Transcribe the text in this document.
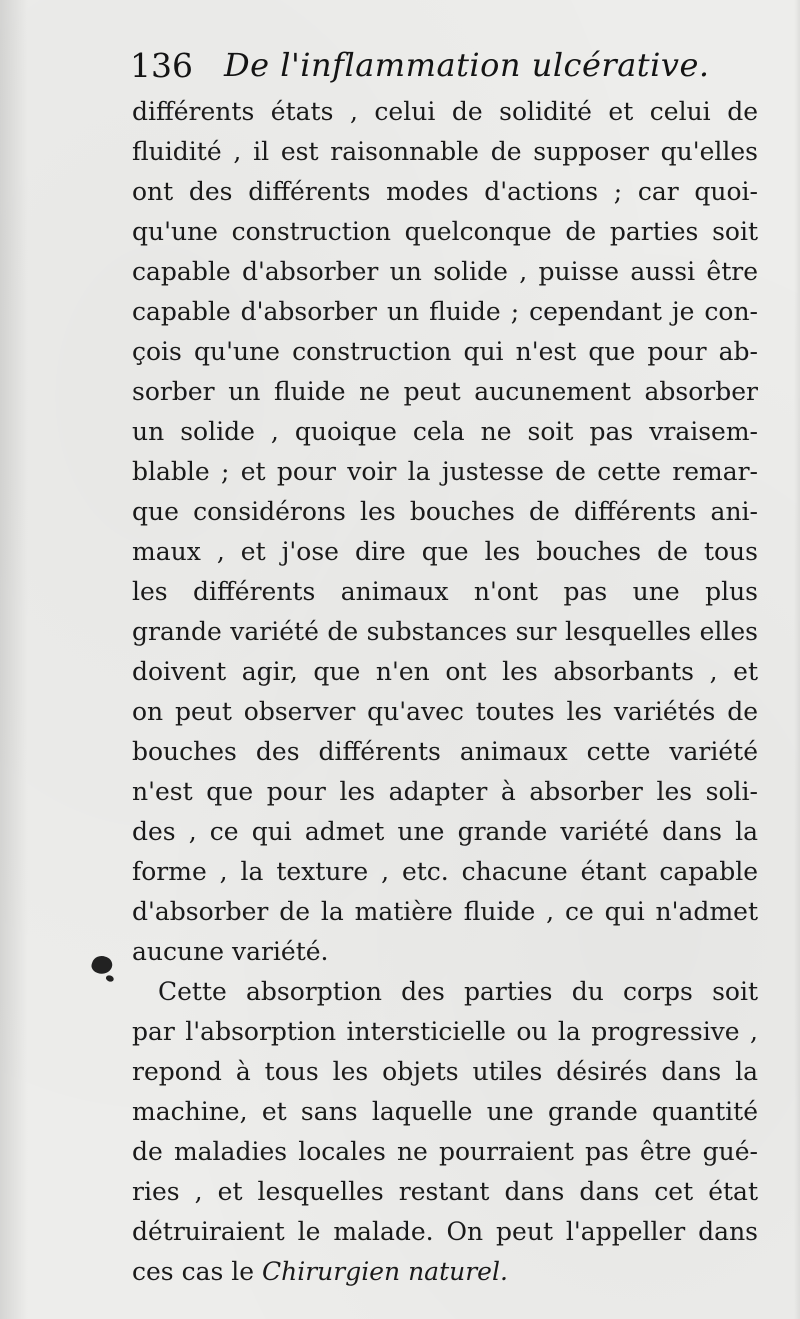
136 De l'inflammation ulcérative.
différents états , celui de solidité et celui de
fluidité , il est raisonnable de supposer qu'elles
ont des différents modes d'actions ; car quoi-
qu'une construction quelconque de parties soit
capable d'absorber un solide , puisse aussi être
capable d'absorber un fluide ; cependant je con-
çois qu'une construction qui n'est que pour ab-
sorber un fluide ne peut aucunement absorber
un solide , quoique cela ne soit pas vraisem-
blable ; et pour voir la justesse de cette remar-
que considérons les bouches de différents ani-
maux , et j'ose dire que les bouches de tous
les différents animaux n'ont pas une plus
grande variété de substances sur lesquelles elles
doivent agir, que n'en ont les absorbants , et
on peut observer qu'avec toutes les variétés de
bouches des différents animaux cette variété
n'est que pour les adapter à absorber les soli-
des , ce qui admet une grande variété dans la
forme , la texture , etc. chacune étant capable
d'absorber de la matière fluide , ce qui n'admet
aucune variété.
Cette absorption des parties du corps soit
par l'absorption intersticielle ou la progressive ,
repond à tous les objets utiles désirés dans la
machine, et sans laquelle une grande quantité
de maladies locales ne pourraient pas être gué-
ries , et lesquelles restant dans dans cet état
détruiraient le malade. On peut l'appeller dans
ces cas le Chirurgien naturel.
